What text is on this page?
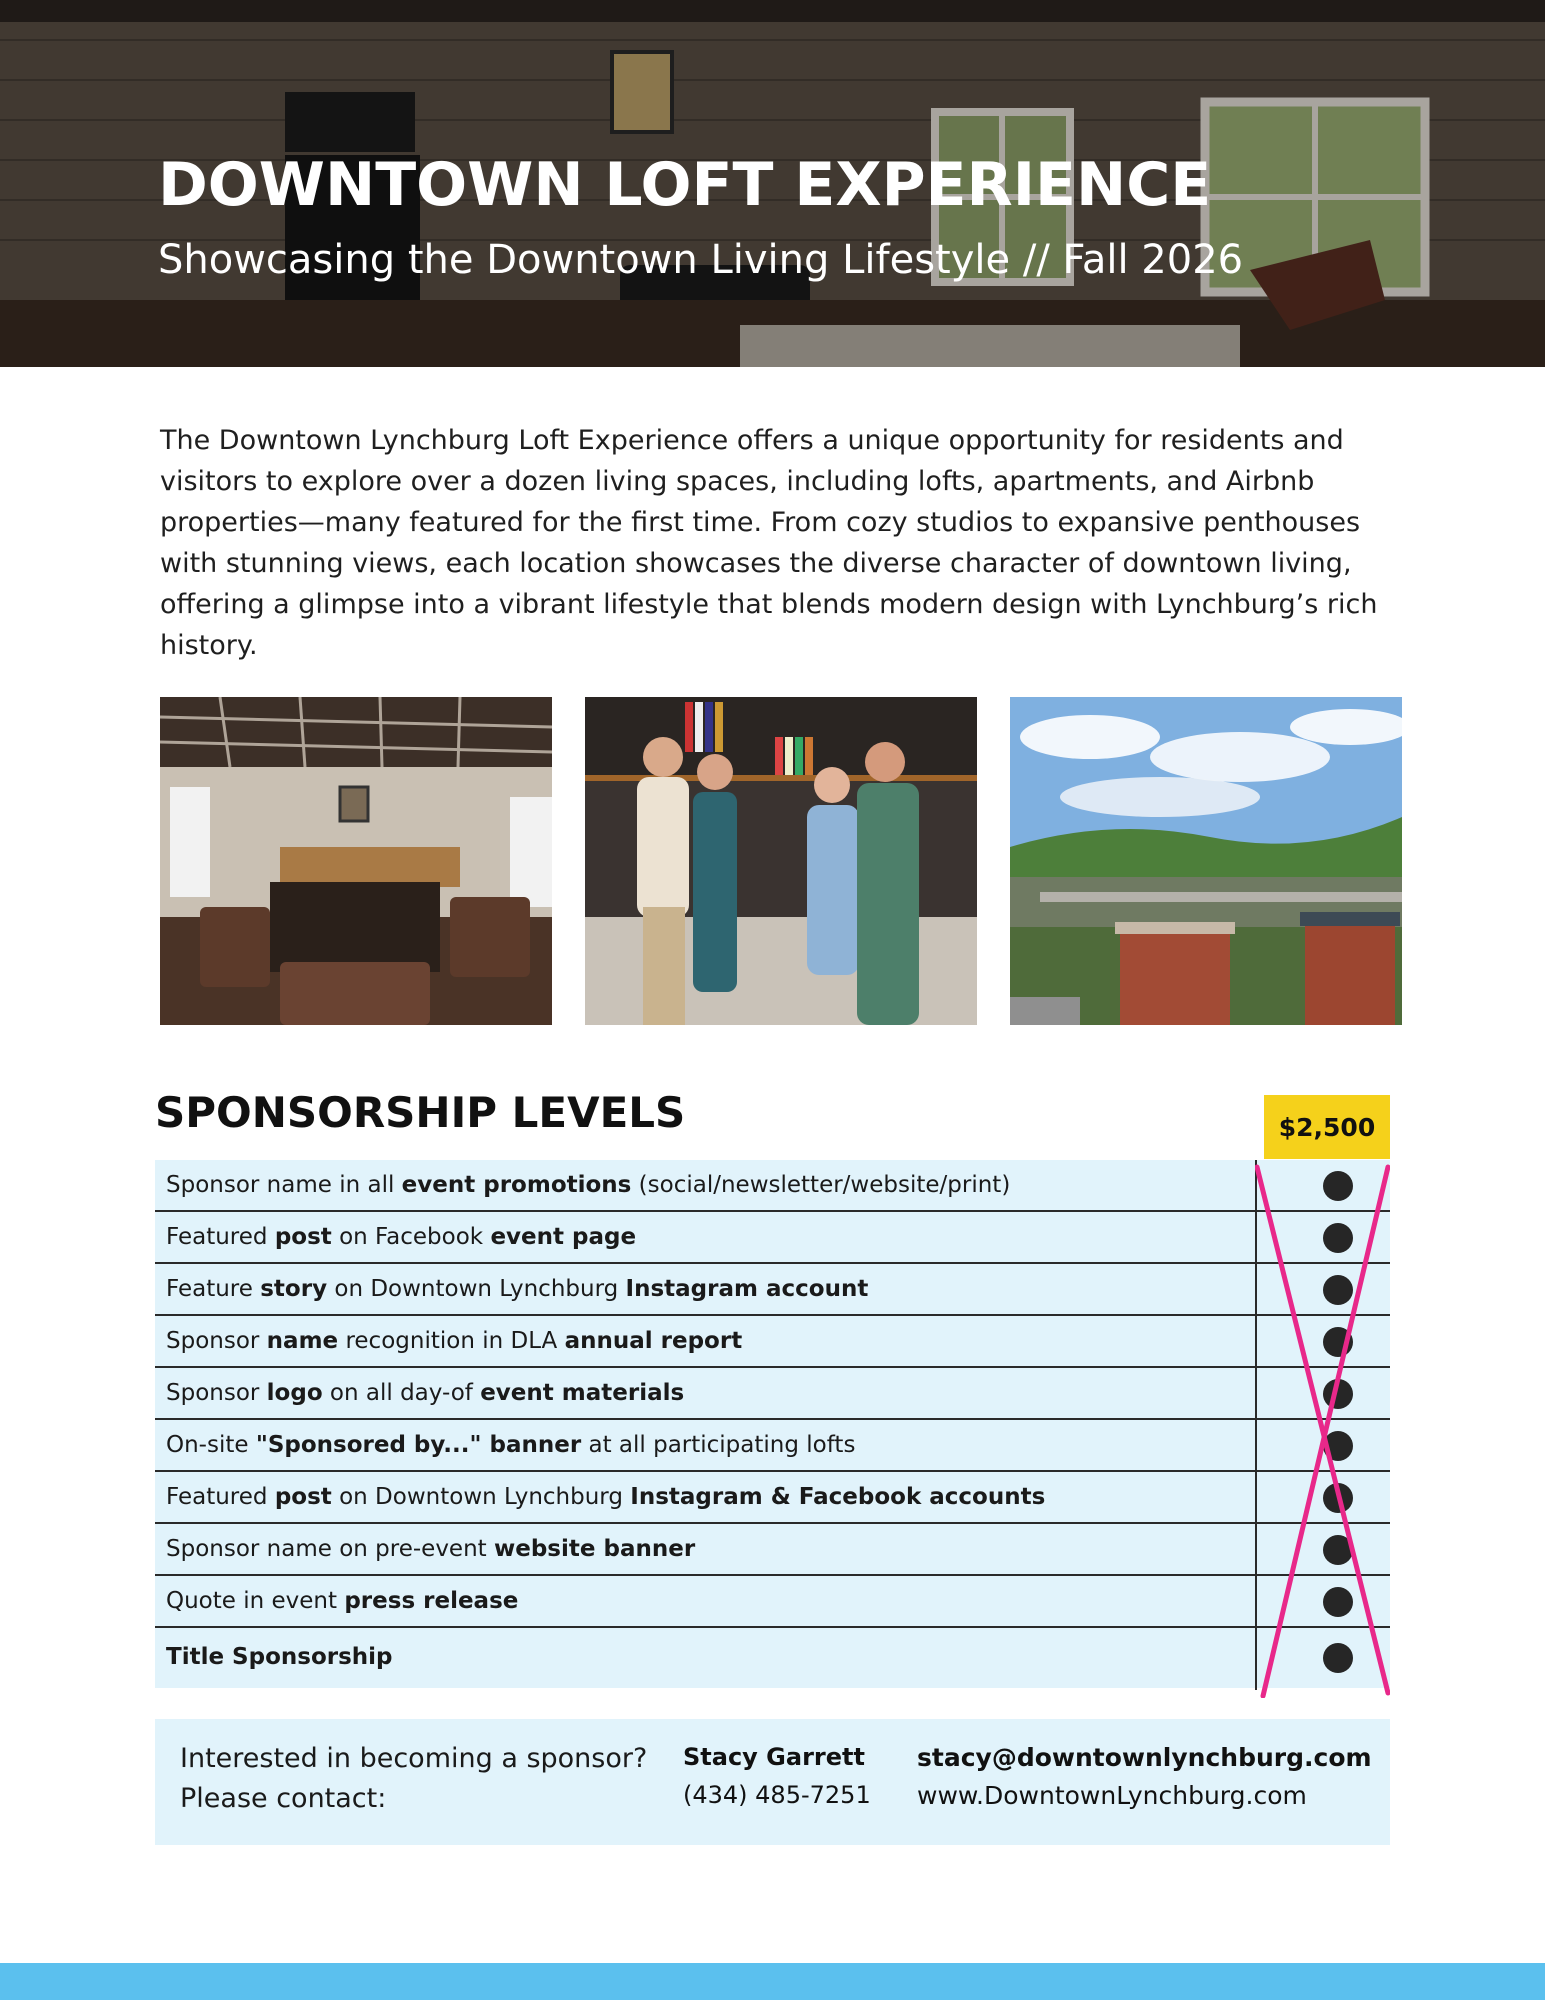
DOWNTOWN LOFT EXPERIENCE
Showcasing the Downtown Living Lifestyle // Fall 2026

The Downtown Lynchburg Loft Experience offers a unique opportunity for residents and visitors to explore over a dozen living spaces, including lofts, apartments, and Airbnb properties—many featured for the first time. From cozy studios to expansive penthouses with stunning views, each location showcases the diverse character of downtown living, offering a glimpse into a vibrant lifestyle that blends modern design with Lynchburg’s rich history.

SPONSORSHIP LEVELS	$2,500
Sponsor name in all event promotions (social/newsletter/website/print)
Featured post on Facebook event page
Feature story on Downtown Lynchburg Instagram account
Sponsor name recognition in DLA annual report
Sponsor logo on all day-of event materials
On-site "Sponsored by..." banner at all participating lofts
Featured post on Downtown Lynchburg Instagram & Facebook accounts
Sponsor name on pre-event website banner
Quote in event press release
Title Sponsorship
Interested in becoming a sponsor?
Please contact:
Stacy Garrett
(434) 485-7251
stacy@downtownlynchburg.com
www.DowntownLynchburg.com
